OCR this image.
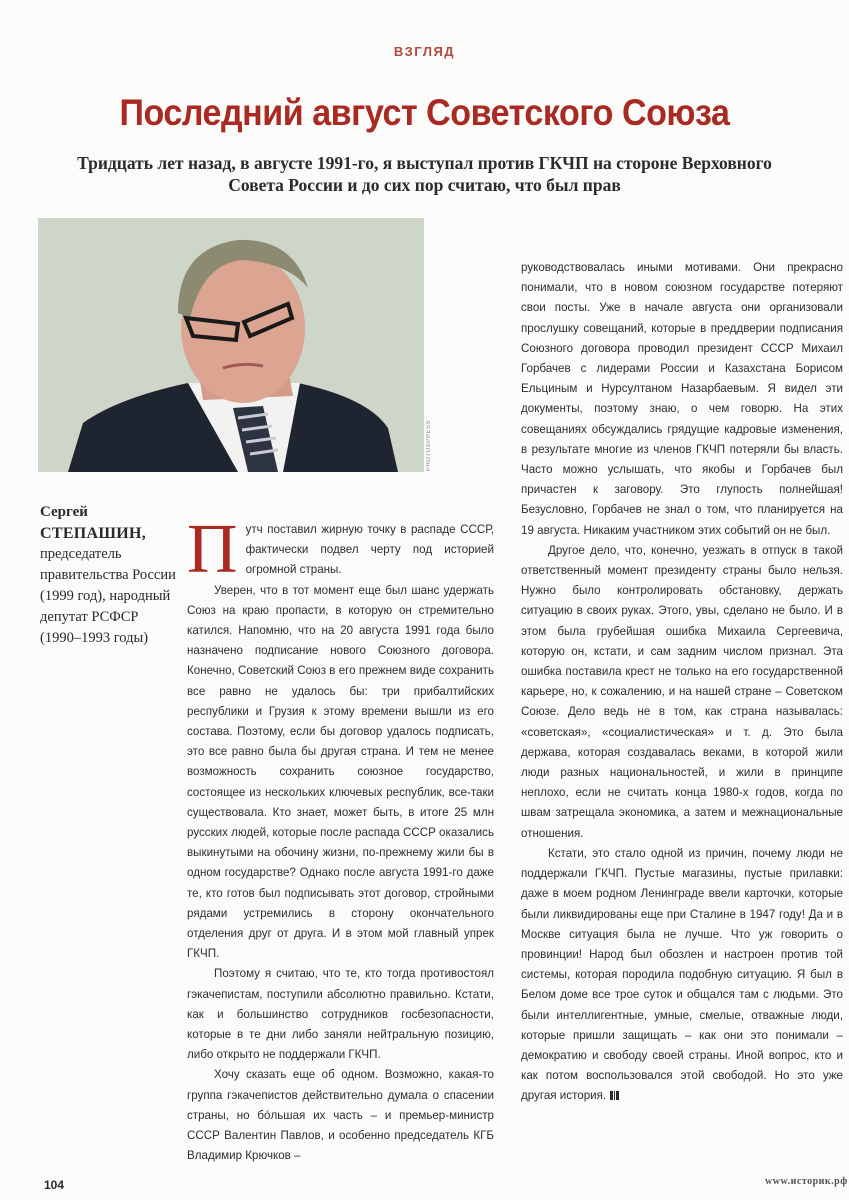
ВЗГЛЯД
Последний август Советского Союза
Тридцать лет назад, в августе 1991-го, я выступал против ГКЧП на стороне Верховного Совета России и до сих пор считаю, что был прав
PHOTOXPRESS
Сергей
СТЕПАШИН,
председатель правительства России (1999 год), народный депутат РСФСР (1990–1993 годы)

Путч поставил жирную точку в распаде СССР, фактически подвел черту под историей огромной страны.

Уверен, что в тот момент еще был шанс удержать Союз на краю пропасти, в которую он стремительно катился. Напомню, что на 20 августа 1991 года было назначено подписание нового Союзного договора. Конечно, Советский Союз в его прежнем виде сохранить все равно не удалось бы: три прибалтийских республики и Грузия к этому времени вышли из его состава. Поэтому, если бы договор удалось подписать, это все равно была бы другая страна. И тем не менее возможность сохранить союзное государство, состоящее из нескольких ключевых республик, все-таки существовала. Кто знает, может быть, в итоге 25 млн русских людей, которые после распада СССР оказались выкинутыми на обочину жизни, по-прежнему жили бы в одном государстве? Однако после августа 1991-го даже те, кто готов был подписывать этот договор, стройными рядами устремились в сторону окончательного отделения друг от друга. И в этом мой главный упрек ГКЧП.

Поэтому я считаю, что те, кто тогда противостоял гэкачепистам, поступили абсолютно правильно. Кстати, как и большинство сотрудников госбезопасности, которые в те дни либо заняли нейтральную позицию, либо открыто не поддержали ГКЧП.

Хочу сказать еще об одном. Возможно, какая-то группа гэкачепистов действительно думала о спасении страны, но бóльшая их часть – и премьер-министр СССР Валентин Павлов, и особенно председатель КГБ Владимир Крючков –

руководствовалась иными мотивами. Они прекрасно понимали, что в новом союзном государстве потеряют свои посты. Уже в начале августа они организовали прослушку совещаний, которые в преддверии подписания Союзного договора проводил президент СССР Михаил Горбачев с лидерами России и Казахстана Борисом Ельциным и Нурсултаном Назарбаевым. Я видел эти документы, поэтому знаю, о чем говорю. На этих совещаниях обсуждались грядущие кадровые изменения, в результате многие из членов ГКЧП потеряли бы власть. Часто можно услышать, что якобы и Горбачев был причастен к заговору. Это глупость полнейшая! Безусловно, Горбачев не знал о том, что планируется на 19 августа. Никаким участником этих событий он не был.

Другое дело, что, конечно, уезжать в отпуск в такой ответственный момент президенту страны было нельзя. Нужно было контролировать обстановку, держать ситуацию в своих руках. Этого, увы, сделано не было. И в этом была грубейшая ошибка Михаила Сергеевича, которую он, кстати, и сам задним числом признал. Эта ошибка поставила крест не только на его государственной карьере, но, к сожалению, и на нашей стране – Советском Союзе. Дело ведь не в том, как страна называлась: «советская», «социалистическая» и т. д. Это была держава, которая создавалась веками, в которой жили люди разных национальностей, и жили в принципе неплохо, если не считать конца 1980-х годов, когда по швам затрещала экономика, а затем и межнациональные отношения.

Кстати, это стало одной из причин, почему люди не поддержали ГКЧП. Пустые магазины, пустые прилавки: даже в моем родном Ленинграде ввели карточки, которые были ликвидированы еще при Сталине в 1947 году! Да и в Москве ситуация была не лучше. Что уж говорить о провинции! Народ был обозлен и настроен против той системы, которая породила подобную ситуацию. Я был в Белом доме все трое суток и общался там с людьми. Это были интеллигентные, умные, смелые, отважные люди, которые пришли защищать – как они это понимали – демократию и свободу своей страны. Иной вопрос, кто и как потом воспользовался этой свободой. Но это уже другая история.

104	www.историк.рф
